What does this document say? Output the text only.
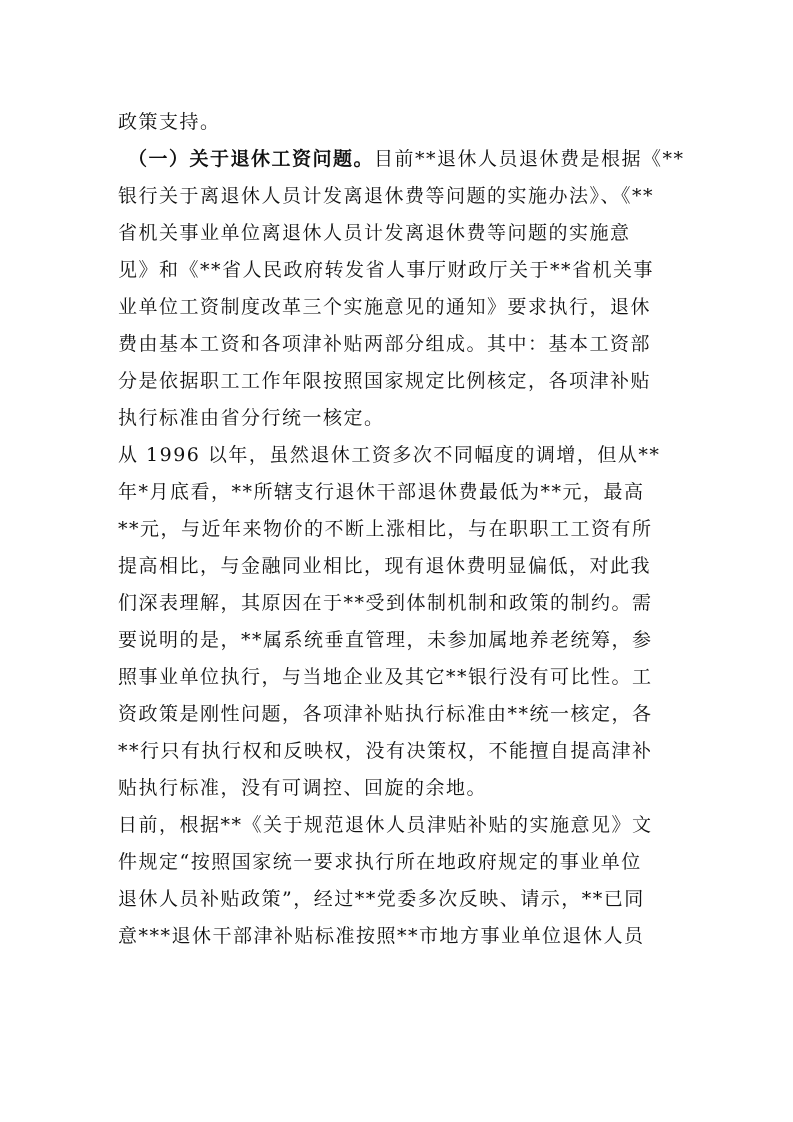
政策支持。
（一）关于退休工资问题。目前**退休人员退休费是根据《**
银行关于离退休人员计发离退休费等问题的实施办法》、《**
省机关事业单位离退休人员计发离退休费等问题的实施意
见》和《**省人民政府转发省人事厅财政厅关于**省机关事
业单位工资制度改革三个实施意见的通知》要求执行，退休
费由基本工资和各项津补贴两部分组成。其中：基本工资部
分是依据职工工作年限按照国家规定比例核定，各项津补贴
执行标准由省分行统一核定。
从 1996 以年，虽然退休工资多次不同幅度的调增，但从**
年*月底看，**所辖支行退休干部退休费最低为**元，最高
**元，与近年来物价的不断上涨相比，与在职职工工资有所
提高相比，与金融同业相比，现有退休费明显偏低，对此我
们深表理解，其原因在于**受到体制机制和政策的制约。需
要说明的是，**属系统垂直管理，未参加属地养老统筹，参
照事业单位执行，与当地企业及其它**银行没有可比性。工
资政策是刚性问题，各项津补贴执行标准由**统一核定，各
**行只有执行权和反映权，没有决策权，不能擅自提高津补
贴执行标准，没有可调控、回旋的余地。
日前，根据**《关于规范退休人员津贴补贴的实施意见》文
件规定“按照国家统一要求执行所在地政府规定的事业单位
退休人员补贴政策”，经过**党委多次反映、请示，**已同
意***退休干部津补贴标准按照**市地方事业单位退休人员
